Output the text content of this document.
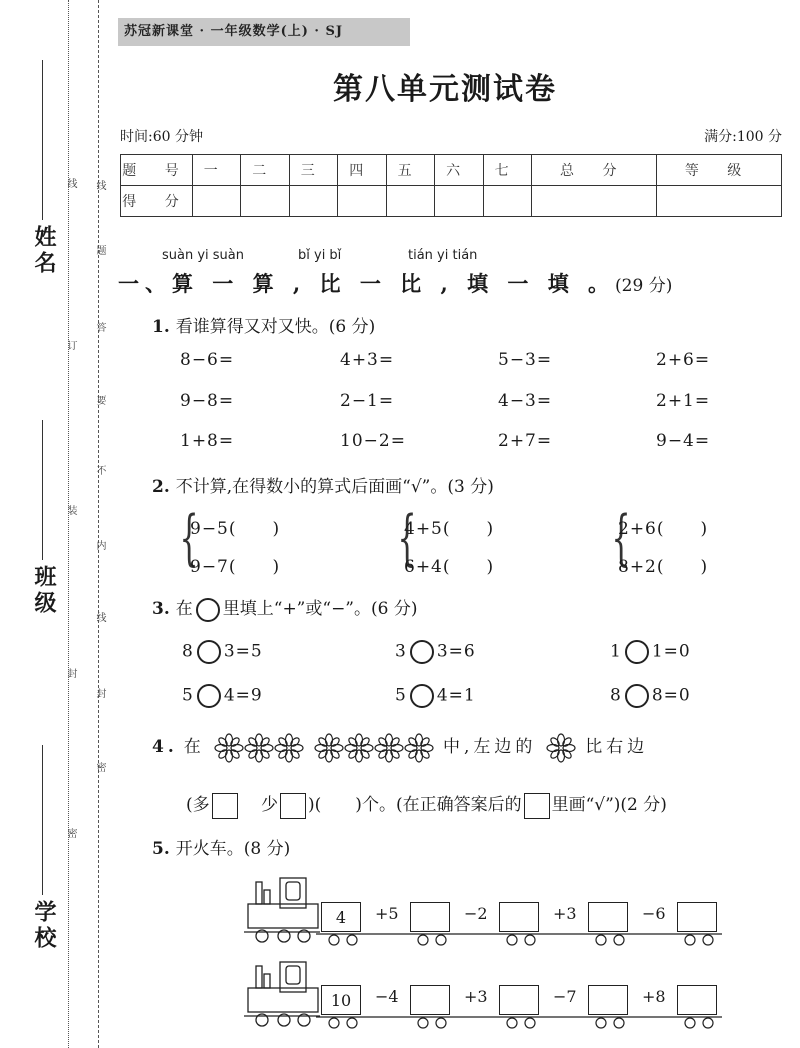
姓名
班级
学校
线
题
答
要
不
内
线
封
密
线
订
装
封
密
苏冠新课堂 · 一年级数学(上) · SJ
第八单元测试卷
时间:60 分钟	满分:100 分
题 号	一	二	三	四	五	六	七	总 分	等 级
得 分									
suàn yi suàn	bǐ yi bǐ	tián yi tián
一、算 一 算 , 比 一 比 , 填 一 填 。(29 分)
1. 看谁算得又对又快。(6 分)
8−6=	4+3=	5−3=	2+6=
9−8=	2−1=	4−3=	2+1=
1+8=	10−2=	2+7=	9−4=
2. 不计算,在得数小的算式后面画“√”。(3 分)
{
9−5(　　)
9−7(　　) {
4+5(　　)
6+4(　　) {
2+6(　　)
8+2(　　)
3. 在 里填上“+”或“−”。(6 分)
8 3=5	3 3=6	1 1=0
5 4=9	5 4=1	8 8=0
4. 在	中,左边的	比右边
(多	少 )(　　)个。(在正确答案后的 里画“√”)(2 分)
5. 开火车。(8 分)
4	+5	−2	+3	−6
10	−4	+3	−7	+8
